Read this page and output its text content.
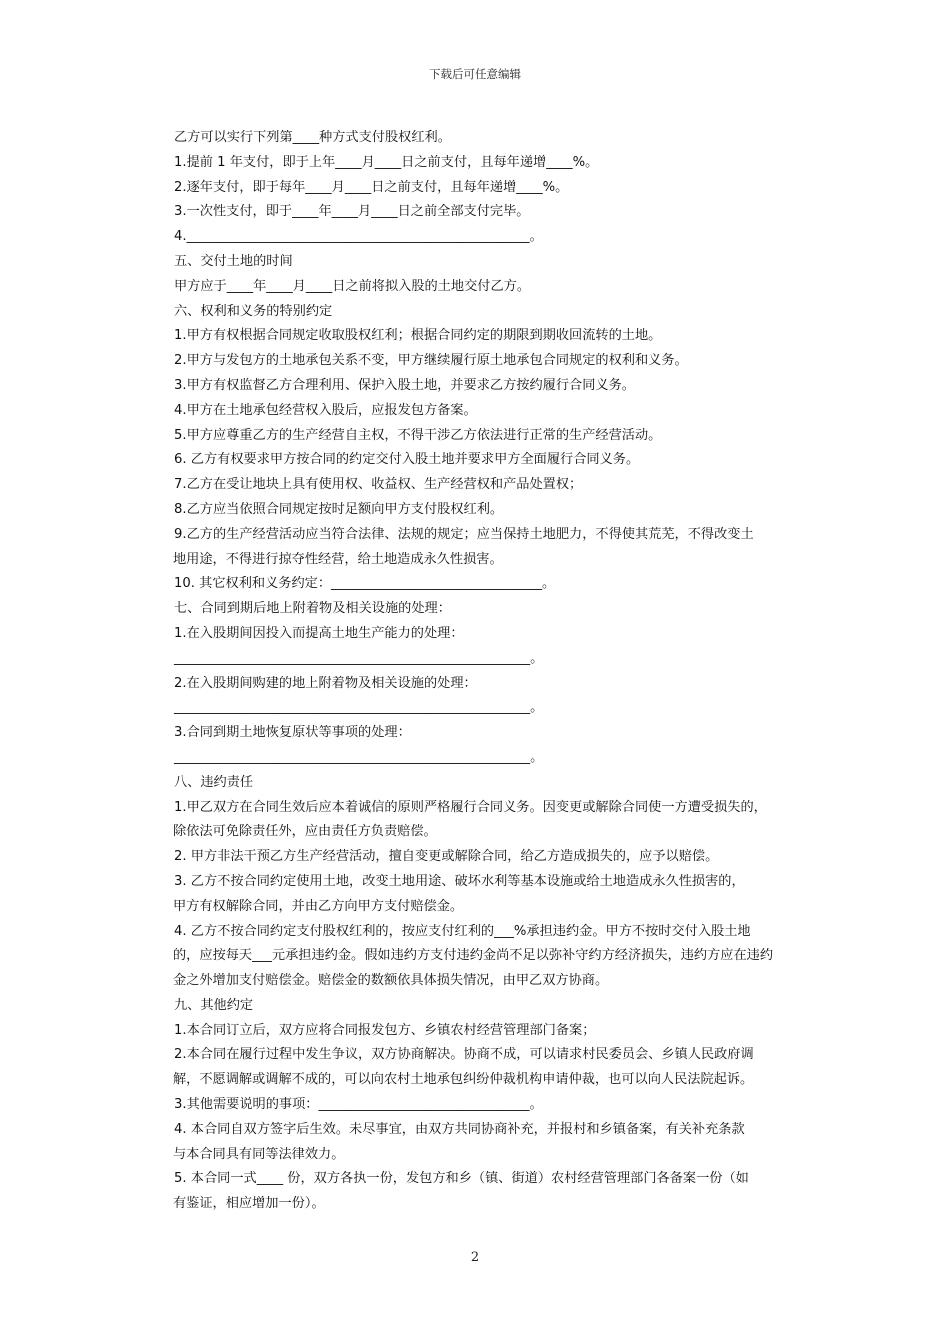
下载后可任意编辑

乙方可以实行下列第____种方式支付股权红利。

1.提前 1 年支付，即于上年____月____日之前支付，且每年递增____%。

2.逐年支付，即于每年____月____日之前支付，且每年递增____%。

3.一次性支付，即于____年____月____日之前全部支付完毕。

4.____________________________________________________。

五、交付土地的时间

甲方应于____年____月____日之前将拟入股的土地交付乙方。

六、权利和义务的特别约定

1.甲方有权根据合同规定收取股权红利；根据合同约定的期限到期收回流转的土地。

2.甲方与发包方的土地承包关系不变，甲方继续履行原土地承包合同规定的权利和义务。

3.甲方有权监督乙方合理利用、保护入股土地，并要求乙方按约履行合同义务。

4.甲方在土地承包经营权入股后，应报发包方备案。

5.甲方应尊重乙方的生产经营自主权，不得干涉乙方依法进行正常的生产经营活动。

6. 乙方有权要求甲方按合同的约定交付入股土地并要求甲方全面履行合同义务。

7.乙方在受让地块上具有使用权、收益权、生产经营权和产品处置权；

8.乙方应当依照合同规定按时足额向甲方支付股权红利。

9.乙方的生产经营活动应当符合法律、法规的规定；应当保持土地肥力，不得使其荒芜，不得改变土

地用途，不得进行掠夺性经营，给土地造成永久性损害。

10. 其它权利和义务约定：________________________________。

七、合同到期后地上附着物及相关设施的处理：

1.在入股期间因投入而提高土地生产能力的处理：

______________________________________________________。

2.在入股期间购建的地上附着物及相关设施的处理：

______________________________________________________。

3.合同到期土地恢复原状等事项的处理：

______________________________________________________。

八、违约责任

1.甲乙双方在合同生效后应本着诚信的原则严格履行合同义务。因变更或解除合同使一方遭受损失的，

除依法可免除责任外，应由责任方负责赔偿。

2. 甲方非法干预乙方生产经营活动，擅自变更或解除合同，给乙方造成损失的，应予以赔偿。

3. 乙方不按合同约定使用土地，改变土地用途、破坏水利等基本设施或给土地造成永久性损害的，

甲方有权解除合同，并由乙方向甲方支付赔偿金。

4. 乙方不按合同约定支付股权红利的，按应支付红利的___%承担违约金。甲方不按时交付入股土地

的，应按每天___元承担违约金。假如违约方支付违约金尚不足以弥补守约方经济损失，违约方应在违约

金之外增加支付赔偿金。赔偿金的数额依具体损失情况，由甲乙双方协商。

九、其他约定

1.本合同订立后，双方应将合同报发包方、乡镇农村经营管理部门备案；

2.本合同在履行过程中发生争议，双方协商解决。协商不成，可以请求村民委员会、乡镇人民政府调

解，不愿调解或调解不成的，可以向农村土地承包纠纷仲裁机构申请仲裁，也可以向人民法院起诉。

3.其他需要说明的事项：________________________________。

4. 本合同自双方签字后生效。未尽事宜，由双方共同协商补充，并报村和乡镇备案，有关补充条款

与本合同具有同等法律效力。

5. 本合同一式____ 份，双方各执一份，发包方和乡（镇、街道）农村经营管理部门各备案一份（如

有鉴证，相应增加一份）。

2
